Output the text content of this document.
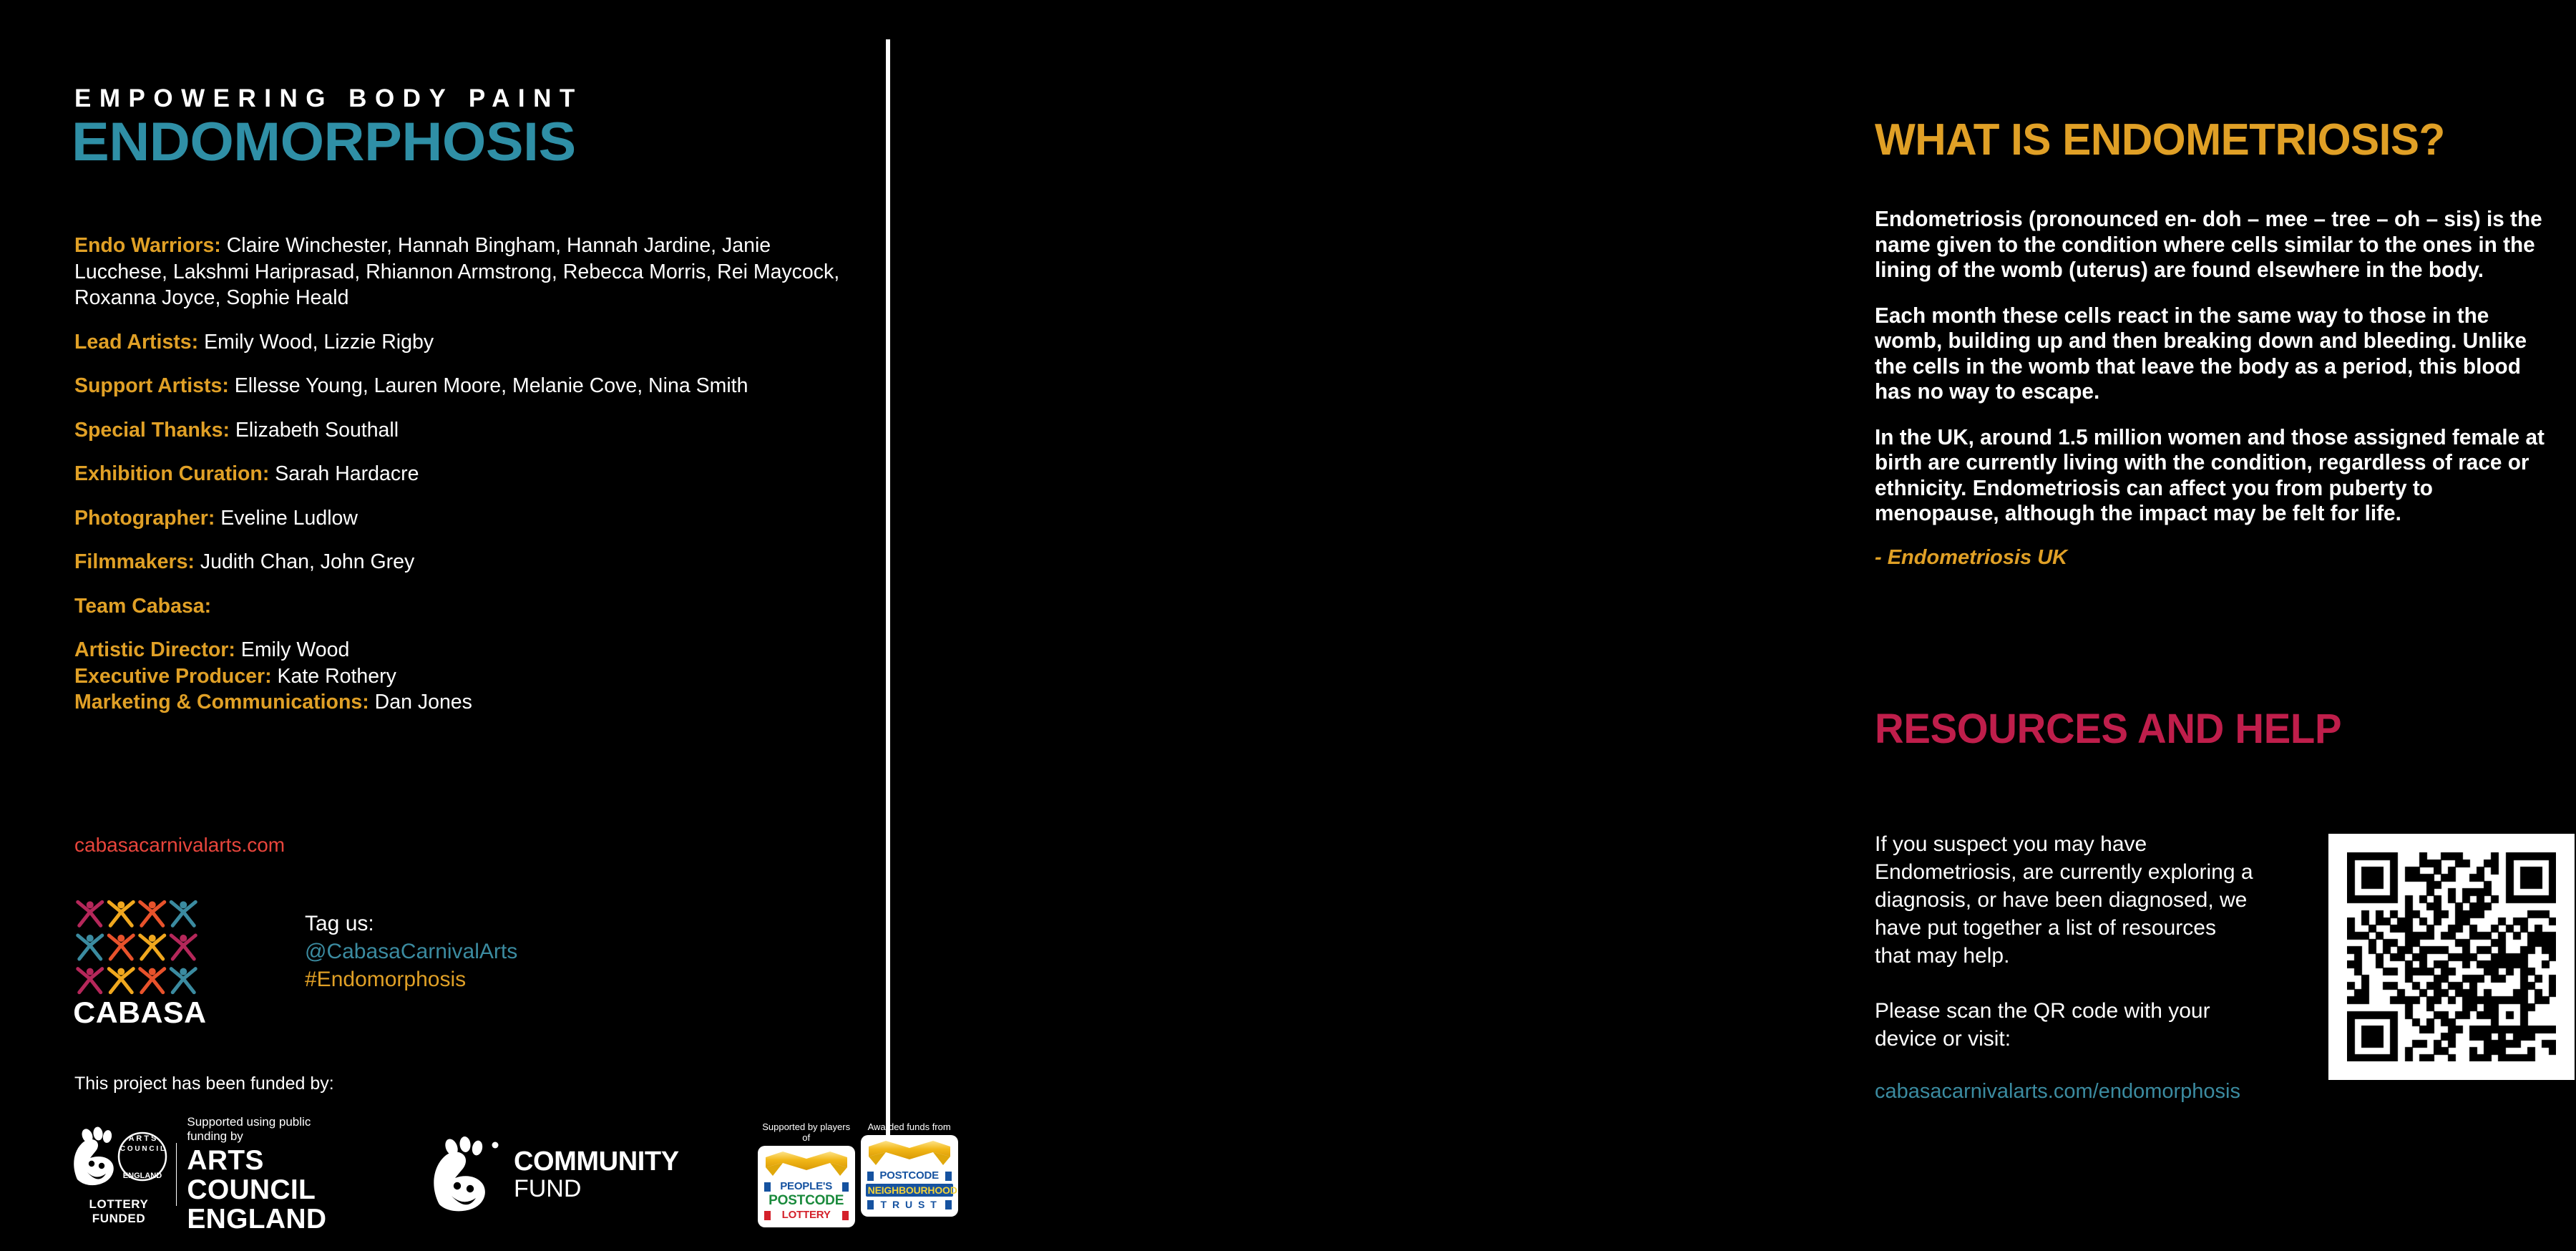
EMPOWERING BODY PAINT
ENDOMORPHOSIS
Endo Warriors: Claire Winchester, Hannah Bingham, Hannah Jardine, Janie Lucchese, Lakshmi Hariprasad, Rhiannon Armstrong, Rebecca Morris, Rei Maycock, Roxanna Joyce, Sophie Heald
Lead Artists: Emily Wood, Lizzie Rigby
Support Artists: Ellesse Young, Lauren Moore, Melanie Cove, Nina Smith
Special Thanks: Elizabeth Southall
Exhibition Curation: Sarah Hardacre
Photographer: Eveline Ludlow
Filmmakers: Judith Chan, John Grey
Team Cabasa:
Artistic Director: Emily Wood
Executive Producer: Kate Rothery
Marketing & Communications: Dan Jones
cabasacarnivalarts.com
CABASA
Tag us:
@CabasaCarnivalArts
#Endomorphosis
This project has been funded by:
A R T S
ENGLAND
C O U N C I L
LOTTERY FUNDED
Supported using public funding by
ARTS COUNCIL
ENGLAND
COMMUNITY
FUND
Supported by players of
PEOPLE'S
POSTCODE
LOTTERY
Awarded funds from
POSTCODE
NEIGHBOURHOOD
T R U S T
WHAT IS ENDOMETRIOSIS?
Endometriosis (pronounced en- doh – mee – tree – oh – sis) is the name given to the condition where cells similar to the ones in the lining of the womb (uterus) are found elsewhere in the body.
Each month these cells react in the same way to those in the womb, building up and then breaking down and bleeding. Unlike the cells in the womb that leave the body as a period, this blood has no way to escape.
In the UK, around 1.5 million women and those assigned female at birth are currently living with the condition, regardless of race or ethnicity. Endometriosis can affect you from puberty to menopause, although the impact may be felt for life.
- Endometriosis UK
RESOURCES AND HELP
If you suspect you may have Endometriosis, are currently exploring a diagnosis, or have been diagnosed, we have put together a list of resources that may help.
Please scan the QR code with your device or visit:
cabasacarnivalarts.com/endomorphosis
